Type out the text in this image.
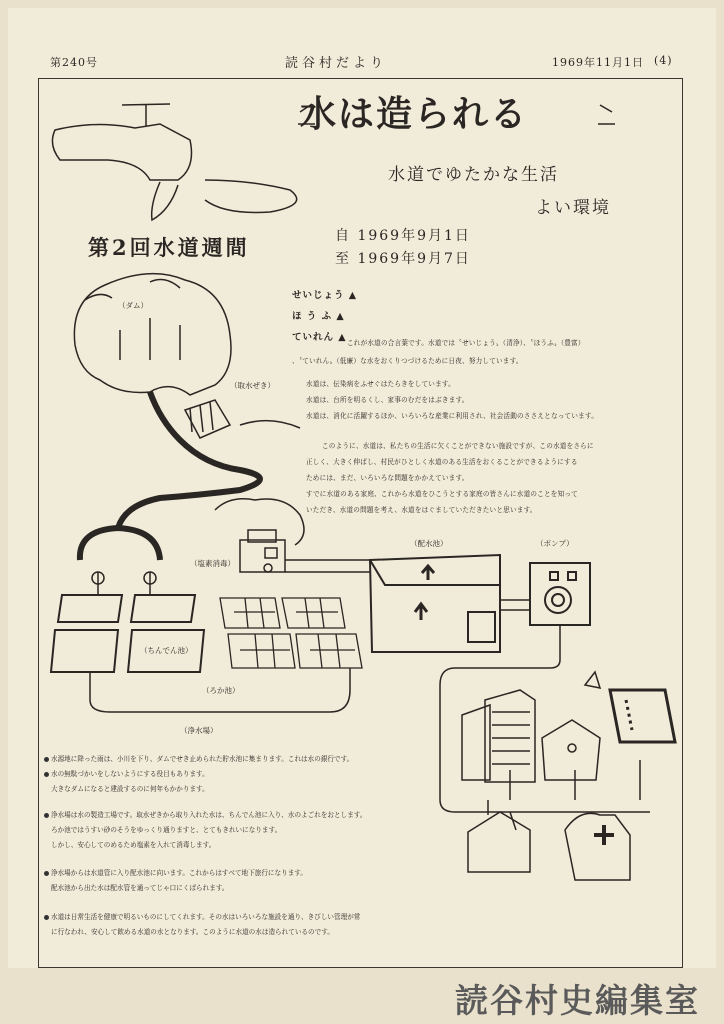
第240号	読谷村だより	1969年11月1日 (4)
水は造られる
水道でゆたかな生活
よい環境
第2回水道週間	自 1969年9月1日
至 1969年9月7日
せいじょう ▲
ほ う ふ ▲
ていれん ▲ これが水道の合言葉です。水道では〝せいじょう〟（清浄）、〝ほうふ〟（豊富）
、〝ていれん〟（低廉）な水をおくりつづけるために日夜、努力しています。
水道は、伝染病をふせぐはたらきをしています。
水道は、台所を明るくし、家事のむだをはぶきます。
水道は、消化に活躍するほか、いろいろな産業に利用され、社会活動のささえとなっています。
このように、水道は、私たちの生活に欠くことができない施設ですが、この水道をさらに
正しく、大きく伸ばし、村民がひとしく水道のある生活をおくることができるようにする
ためには、まだ、いろいろな問題をかかえています。
すでに水道のある家庭、これから水道をひこうとする家庭の皆さんに水道のことを知って
いただき、水道の問題を考え、水道をはぐましていただきたいと思います。
（ダム）
（取水ぜき）
（塩素消毒）
（配水池）	（ポンプ）
（ちんでん池）
（ろか池）
（浄水場）
水源地に降った雨は、小川を下り、ダムでせき止められた貯水池に集まります。これは水の銀行です。
水の無駄づかいをしないようにする役目もあります。
大きなダムになると建設するのに何年もかかります。
浄水場は水の製造工場です。取水ぜきから取り入れた水は、ちんでん池に入り、水のよごれをおとします。
ろか池ではうすい砂のそうをゆっくり通りますと、とてもきれいになります。
しかし、安心してのめるため塩素を入れて消毒します。
浄水場からは水道管に入り配水池に向います。これからはすべて地下旅行になります。
配水池から出た水は配水管を通ってじゃ口にくばられます。
水道は日常生活を健康で明るいものにしてくれます。その水はいろいろな施設を通り、きびしい管理が常
に行なわれ、安心して飲める水道の水となります。このように水道の水は造られているのです。
読谷村史編集室
